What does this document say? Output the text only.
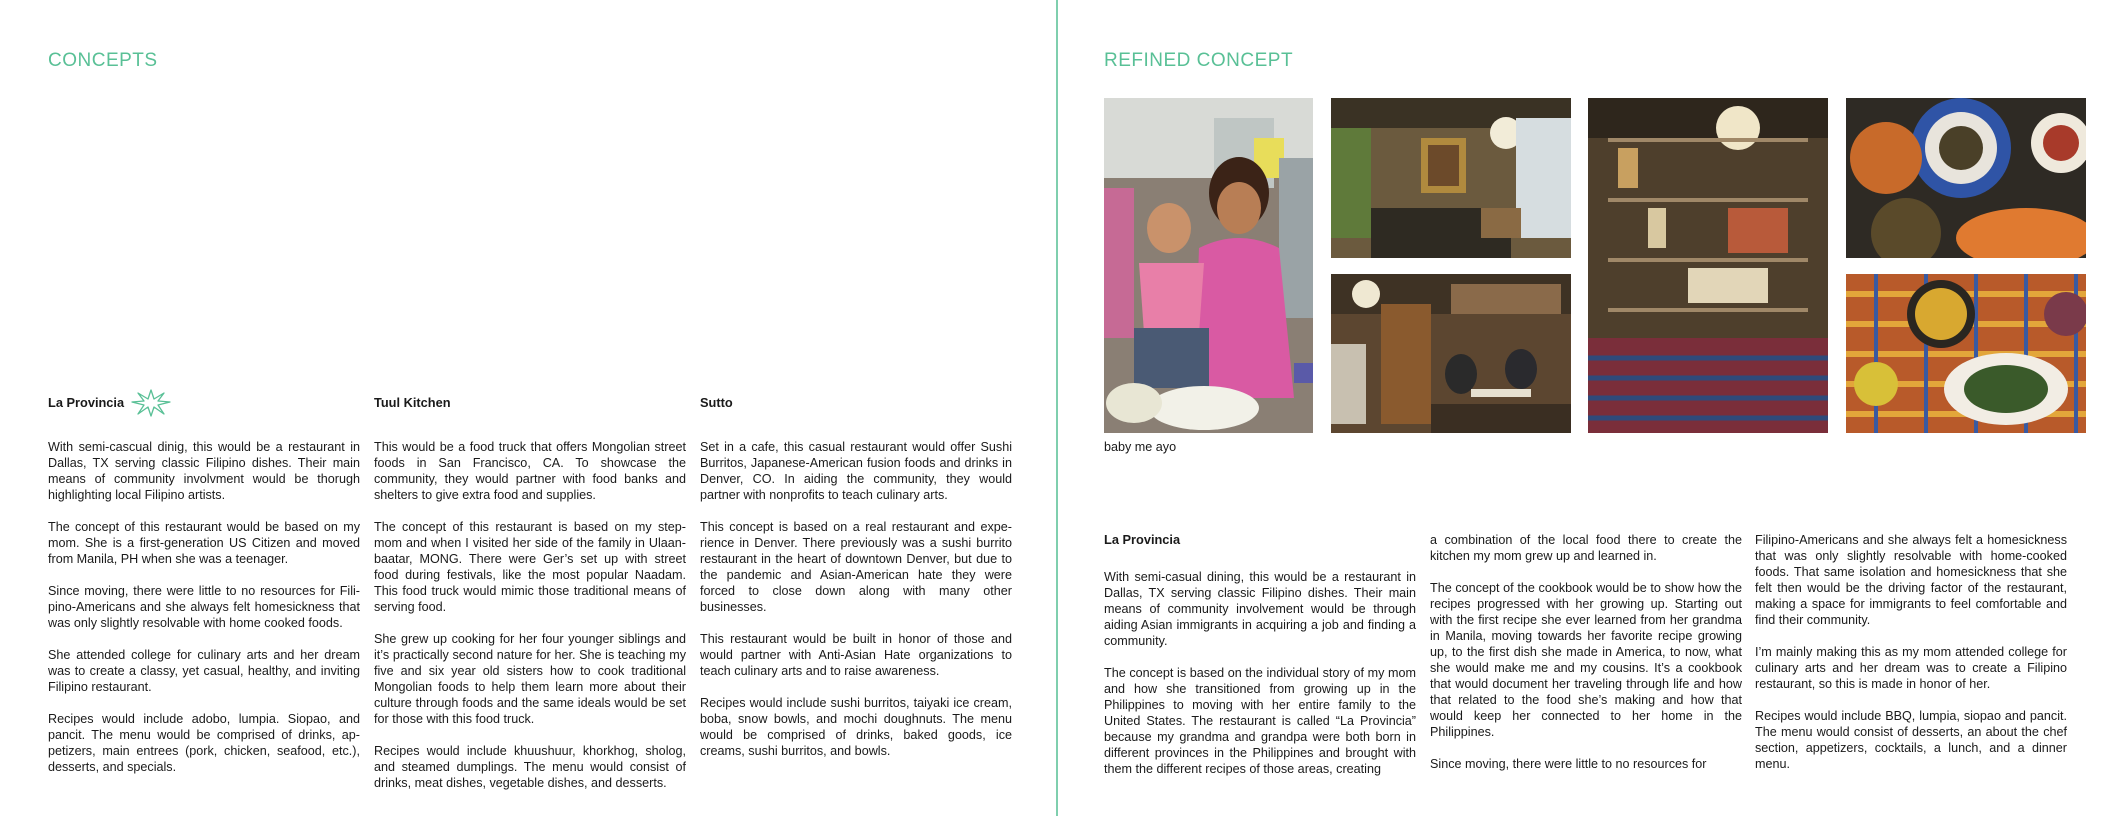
CONCEPTS
La Provincia

With semi-cascual dinig, this would be a restaurant in Dallas, TX serving classic Filipino dishes. Their main means of community involvment would be thorugh highlighting local Filipino artists.

The concept of this restaurant would be based on my mom. She is a first-generation US Citizen and moved from Manila, PH when she was a teenager.

Since moving, there were little to no resources for Fili-pino-Americans and she always felt homesickness that was only slightly resolvable with home cooked foods.

She attended college for culinary arts and her dream was to create a classy, yet casual, healthy, and inviting Filipino restaurant.

Recipes would include adobo, lumpia. Siopao, and pancit. The menu would be comprised of drinks, ap-petizers, main entrees (pork, chicken, seafood, etc.), desserts, and specials.

Tuul Kitchen

This would be a food truck that offers Mongolian street foods in San Francisco, CA. To showcase the community, they would partner with food banks and shelters to give extra food and supplies.

The concept of this restaurant is based on my step-mom and when I visited her side of the family in Ulaan-baatar, MONG. There were Ger’s set up with street food during festivals, like the most popular Naadam. This food truck would mimic those traditional means of serving food.

She grew up cooking for her four younger siblings and it’s practically second nature for her. She is teaching my five and six year old sisters how to cook traditional Mongolian foods to help them learn more about their culture through foods and the same ideals would be set for those with this food truck.

Recipes would include khuushuur, khorkhog, sholog, and steamed dumplings. The menu would consist of drinks, meat dishes, vegetable dishes, and desserts.

Sutto

Set in a cafe, this casual restaurant would offer Sushi Burritos, Japanese-American fusion foods and drinks in Denver, CO. In aiding the community, they would partner with nonprofits to teach culinary arts.

This concept is based on a real restaurant and expe-rience in Denver. There previously was a sushi burrito restaurant in the heart of downtown Denver, but due to the pandemic and Asian-American hate they were forced to close down along with many other businesses.

This restaurant would be built in honor of those and would partner with Anti-Asian Hate organizations to teach culinary arts and to raise awareness.

Recipes would include sushi burritos, taiyaki ice cream, boba, snow bowls, and mochi doughnuts. The menu would be comprised of drinks, baked goods, ice creams, sushi burritos, and bowls.

REFINED CONCEPT
baby me ayo
La Provincia

With semi-casual dining, this would be a restaurant in Dallas, TX serving classic Filipino dishes. Their main means of community involvement would be through aiding Asian immigrants in acquiring a job and finding a community.

The concept is based on the individual story of my mom and how she transitioned from growing up in the Philippines to moving with her entire family to the United States. The restaurant is called “La Provincia” because my grandma and grandpa were both born in different provinces in the Philippines and brought with them the different recipes of those areas, creating

a combination of the local food there to create the kitchen my mom grew up and learned in.

The concept of the cookbook would be to show how the recipes progressed with her growing up. Starting out with the first recipe she ever learned from her grandma in Manila, moving towards her favorite recipe growing up, to the first dish she made in America, to now, what she would make me and my cousins. It’s a cookbook that would document her traveling through life and how that related to the food she’s making and how that would keep her connected to her home in the Philippines.

Since moving, there were little to no resources for

Filipino-Americans and she always felt a homesickness that was only slightly resolvable with home-cooked foods. That same isolation and homesickness that she felt then would be the driving factor of the restaurant, making a space for immigrants to feel comfortable and find their community.

I’m mainly making this as my mom attended college for culinary arts and her dream was to create a Filipino restaurant, so this is made in honor of her.

Recipes would include BBQ, lumpia, siopao and pancit. The menu would consist of desserts, an about the chef section, appetizers, cocktails, a lunch, and a dinner menu.
